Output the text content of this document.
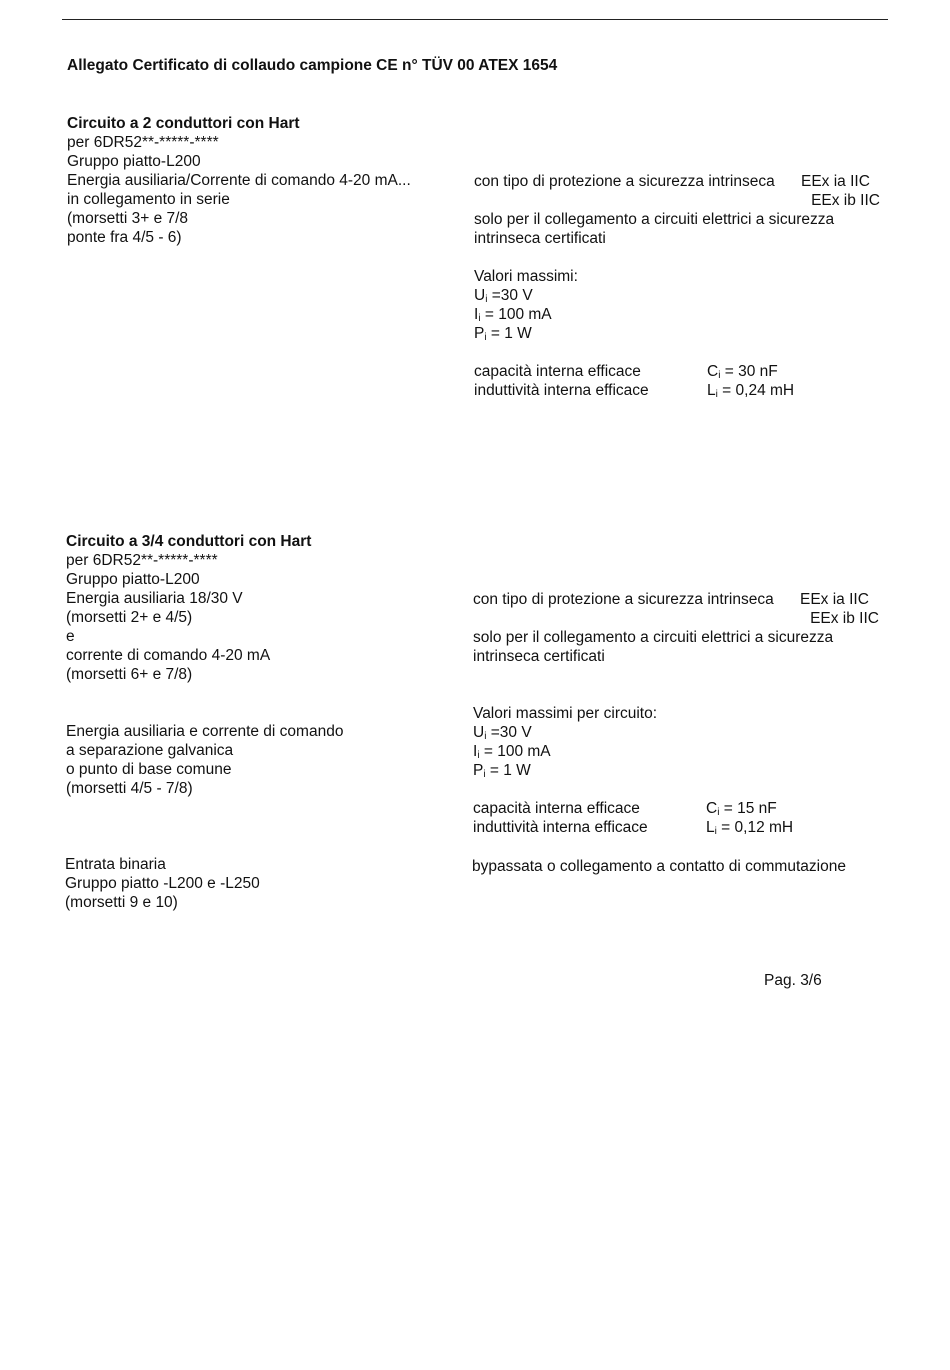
Allegato Certificato di collaudo campione CE n° TÜV 00 ATEX 1654
Circuito a 2 conduttori con Hart
per 6DR52**-*****-****
Gruppo piatto-L200
Energia ausiliaria/Corrente di comando 4-20 mA...
in collegamento in serie
(morsetti 3+ e 7/8
ponte fra 4/5 - 6)
con tipo di protezione a sicurezza intrinseca EEx ia IIC
EEx ib IIC
solo per il collegamento a circuiti elettrici a sicurezza
intrinseca certificati
Valori massimi:
$U_i =30$ V
$I_i = 100$ mA
$P_i = 1$ W
capacità interna efficace	$C_i = 30$ nF
induttività interna efficace	$L_i = 0,24$ mH
Circuito a 3/4 conduttori con Hart
per 6DR52**-*****-****
Gruppo piatto-L200
Energia ausiliaria 18/30 V
(morsetti 2+ e 4/5)
e
corrente di comando 4-20 mA
(morsetti 6+ e 7/8)
con tipo di protezione a sicurezza intrinseca EEx ia IIC
EEx ib IIC
solo per il collegamento a circuiti elettrici a sicurezza
intrinseca certificati
Energia ausiliaria e corrente di comando
a separazione galvanica
o punto di base comune
(morsetti 4/5 - 7/8)
Valori massimi per circuito:
$U_i =30$ V
$I_i = 100$ mA
$P_i = 1$ W
capacità interna efficace	$C_i = 15$ nF
induttività interna efficace	$L_i = 0,12$ mH
Entrata binaria
Gruppo piatto -L200 e -L250
(morsetti 9 e 10)
bypassata o collegamento a contatto di commutazione
Pag. 3/6
